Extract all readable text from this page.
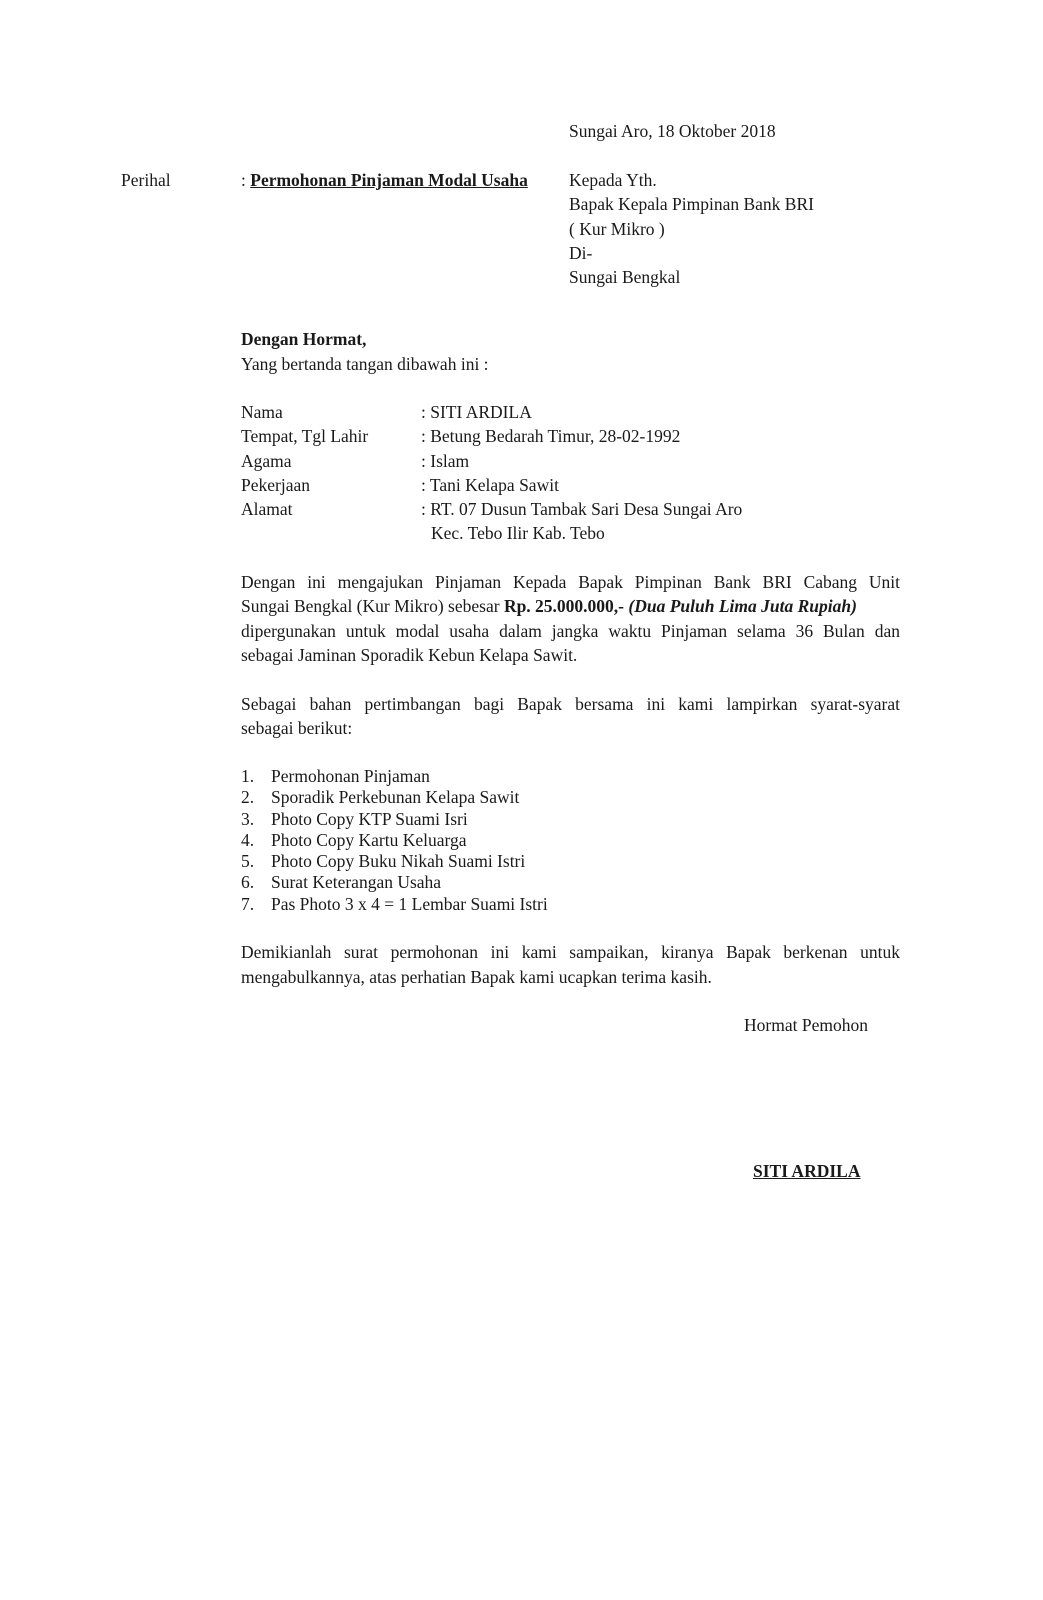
Sungai Aro, 18 Oktober 2018
Perihal	: Permohonan Pinjaman Modal Usaha Kepada Yth.
Bapak Kepala Pimpinan Bank BRI
( Kur Mikro )
Di-
Sungai Bengkal
Dengan Hormat,
Yang bertanda tangan dibawah ini :
Nama	: SITI ARDILA
Tempat, Tgl Lahir	: Betung Bedarah Timur, 28-02-1992
Agama	: Islam
Pekerjaan	: Tani Kelapa Sawit
Alamat	: RT. 07 Dusun Tambak Sari Desa Sungai Aro
Kec. Tebo Ilir Kab. Tebo
Dengan ini mengajukan Pinjaman Kepada Bapak Pimpinan Bank BRI Cabang Unit
Sungai Bengkal (Kur Mikro) sebesar Rp. 25.000.000,- (Dua Puluh Lima Juta Rupiah)
dipergunakan untuk modal usaha dalam jangka waktu Pinjaman selama 36 Bulan dan
sebagai Jaminan Sporadik Kebun Kelapa Sawit.
Sebagai bahan pertimbangan bagi Bapak bersama ini kami lampirkan syarat-syarat
sebagai berikut:
1. Permohonan Pinjaman
2. Sporadik Perkebunan Kelapa Sawit
3. Photo Copy KTP Suami Isri
4. Photo Copy Kartu Keluarga
5. Photo Copy Buku Nikah Suami Istri
6. Surat Keterangan Usaha
7. Pas Photo 3 x 4 = 1 Lembar Suami Istri
Demikianlah surat permohonan ini kami sampaikan, kiranya Bapak berkenan untuk
mengabulkannya, atas perhatian Bapak kami ucapkan terima kasih.
Hormat Pemohon
SITI ARDILA
